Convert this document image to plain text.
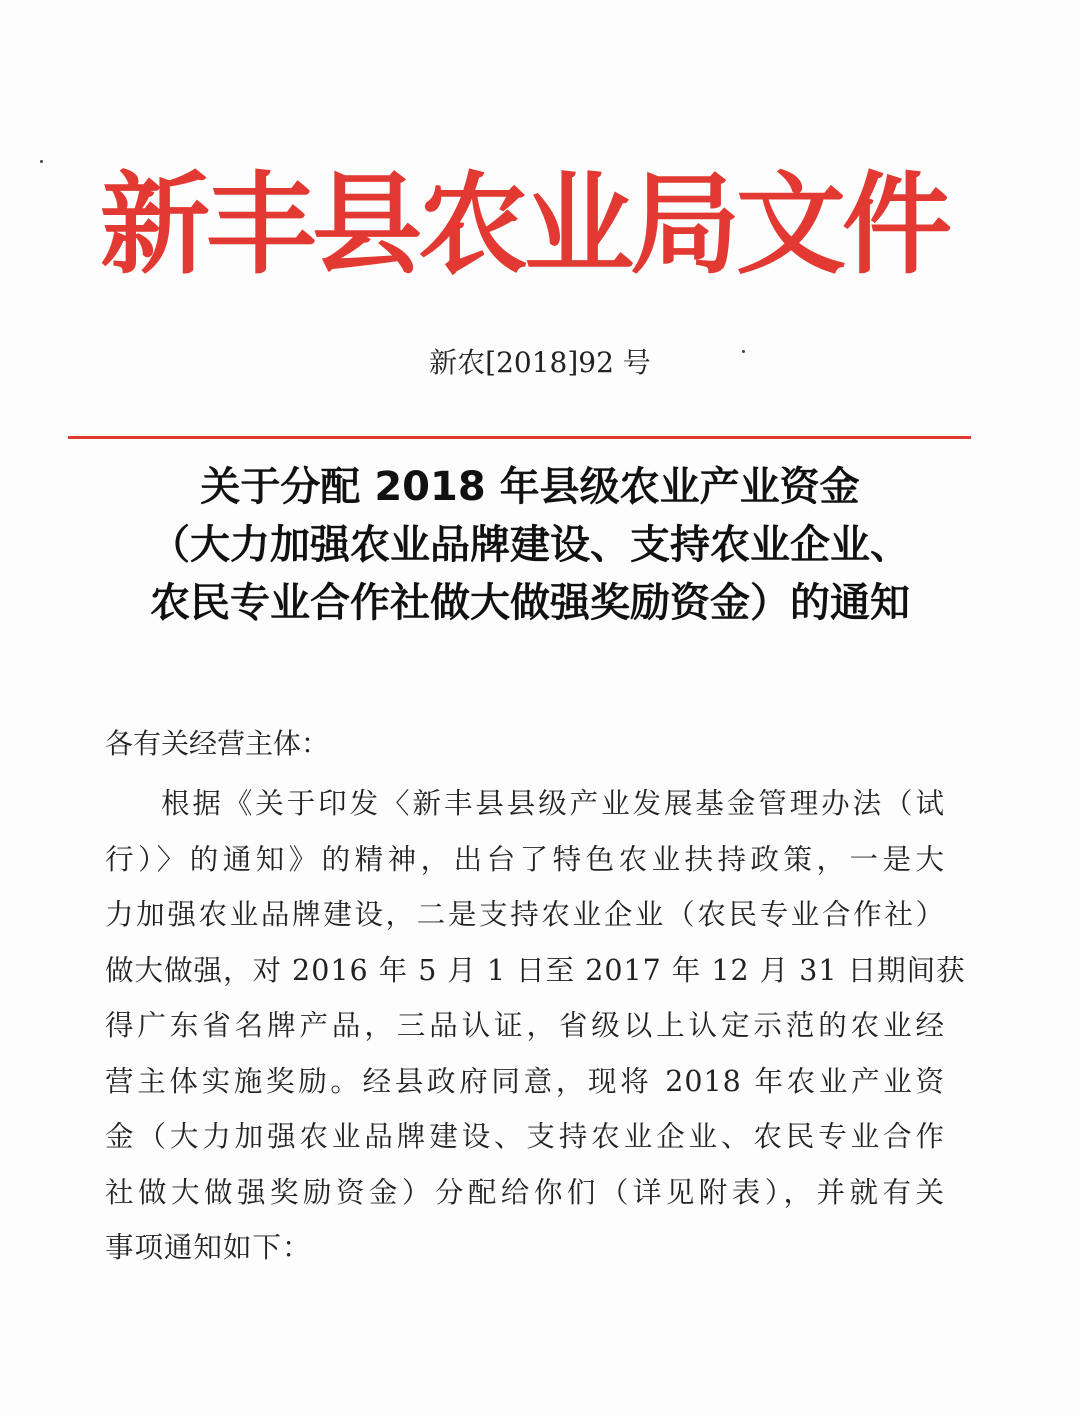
新丰县农业局文件
新农[2018]92 号
关于分配 2018 年县级农业产业资金
（大力加强农业品牌建设、支持农业企业、
农民专业合作社做大做强奖励资金）的通知
各有关经营主体：
根据《关于印发〈新丰县县级产业发展基金管理办法（试
行）〉的通知》的精神，出台了特色农业扶持政策，一是大
力加强农业品牌建设，二是支持农业企业（农民专业合作社）
做大做强，对 2016 年 5 月 1 日至 2017 年 12 月 31 日期间获
得广东省名牌产品，三品认证，省级以上认定示范的农业经
营主体实施奖励。经县政府同意，现将 2018 年农业产业资
金（大力加强农业品牌建设、支持农业企业、农民专业合作
社做大做强奖励资金）分配给你们（详见附表），并就有关
事项通知如下：
